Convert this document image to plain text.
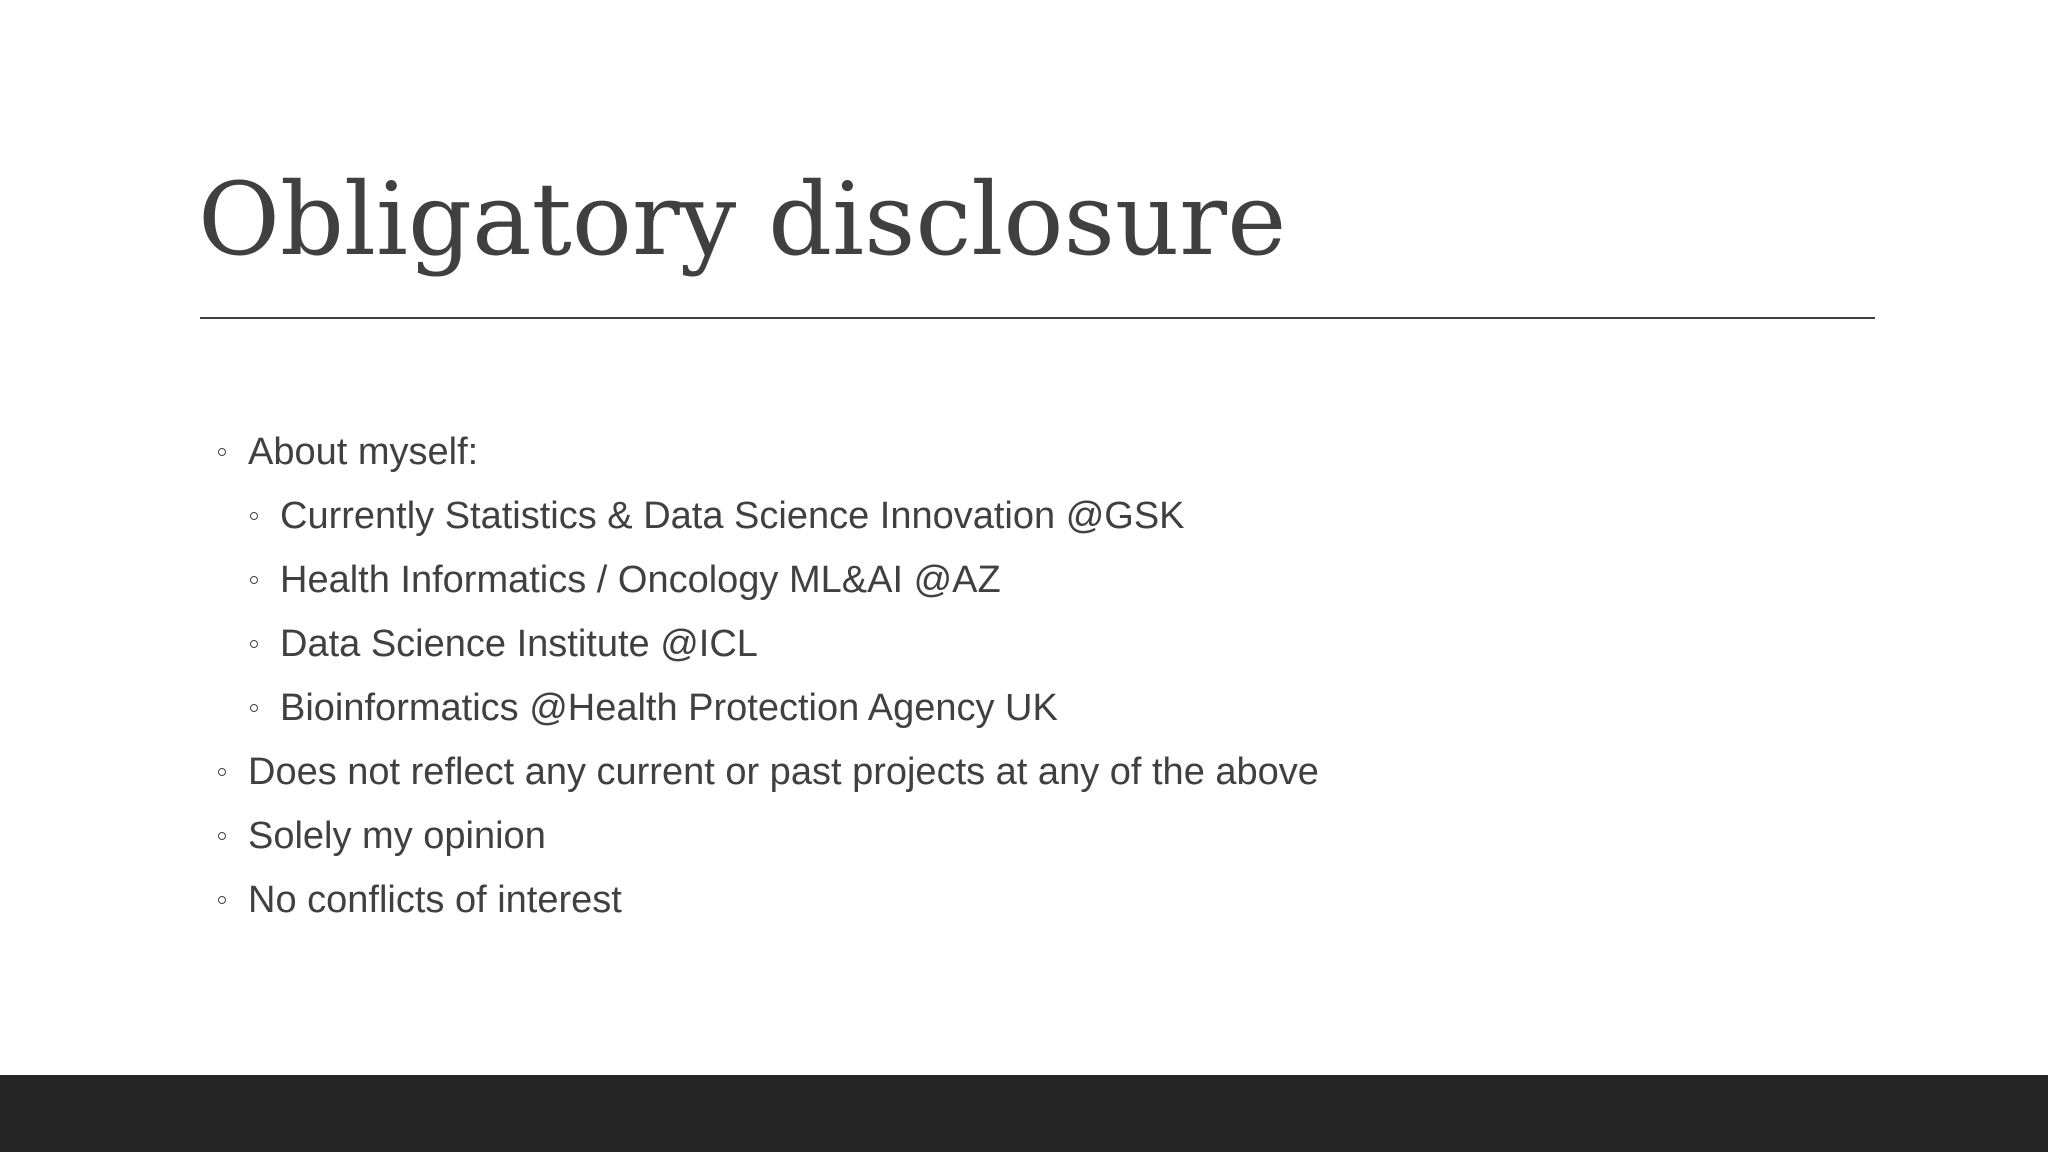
Obligatory disclosure
About myself:
Currently Statistics & Data Science Innovation @GSK
Health Informatics / Oncology ML&AI @AZ
Data Science Institute @ICL
Bioinformatics @Health Protection Agency UK
Does not reflect any current or past projects at any of the above
Solely my opinion
No conflicts of interest
